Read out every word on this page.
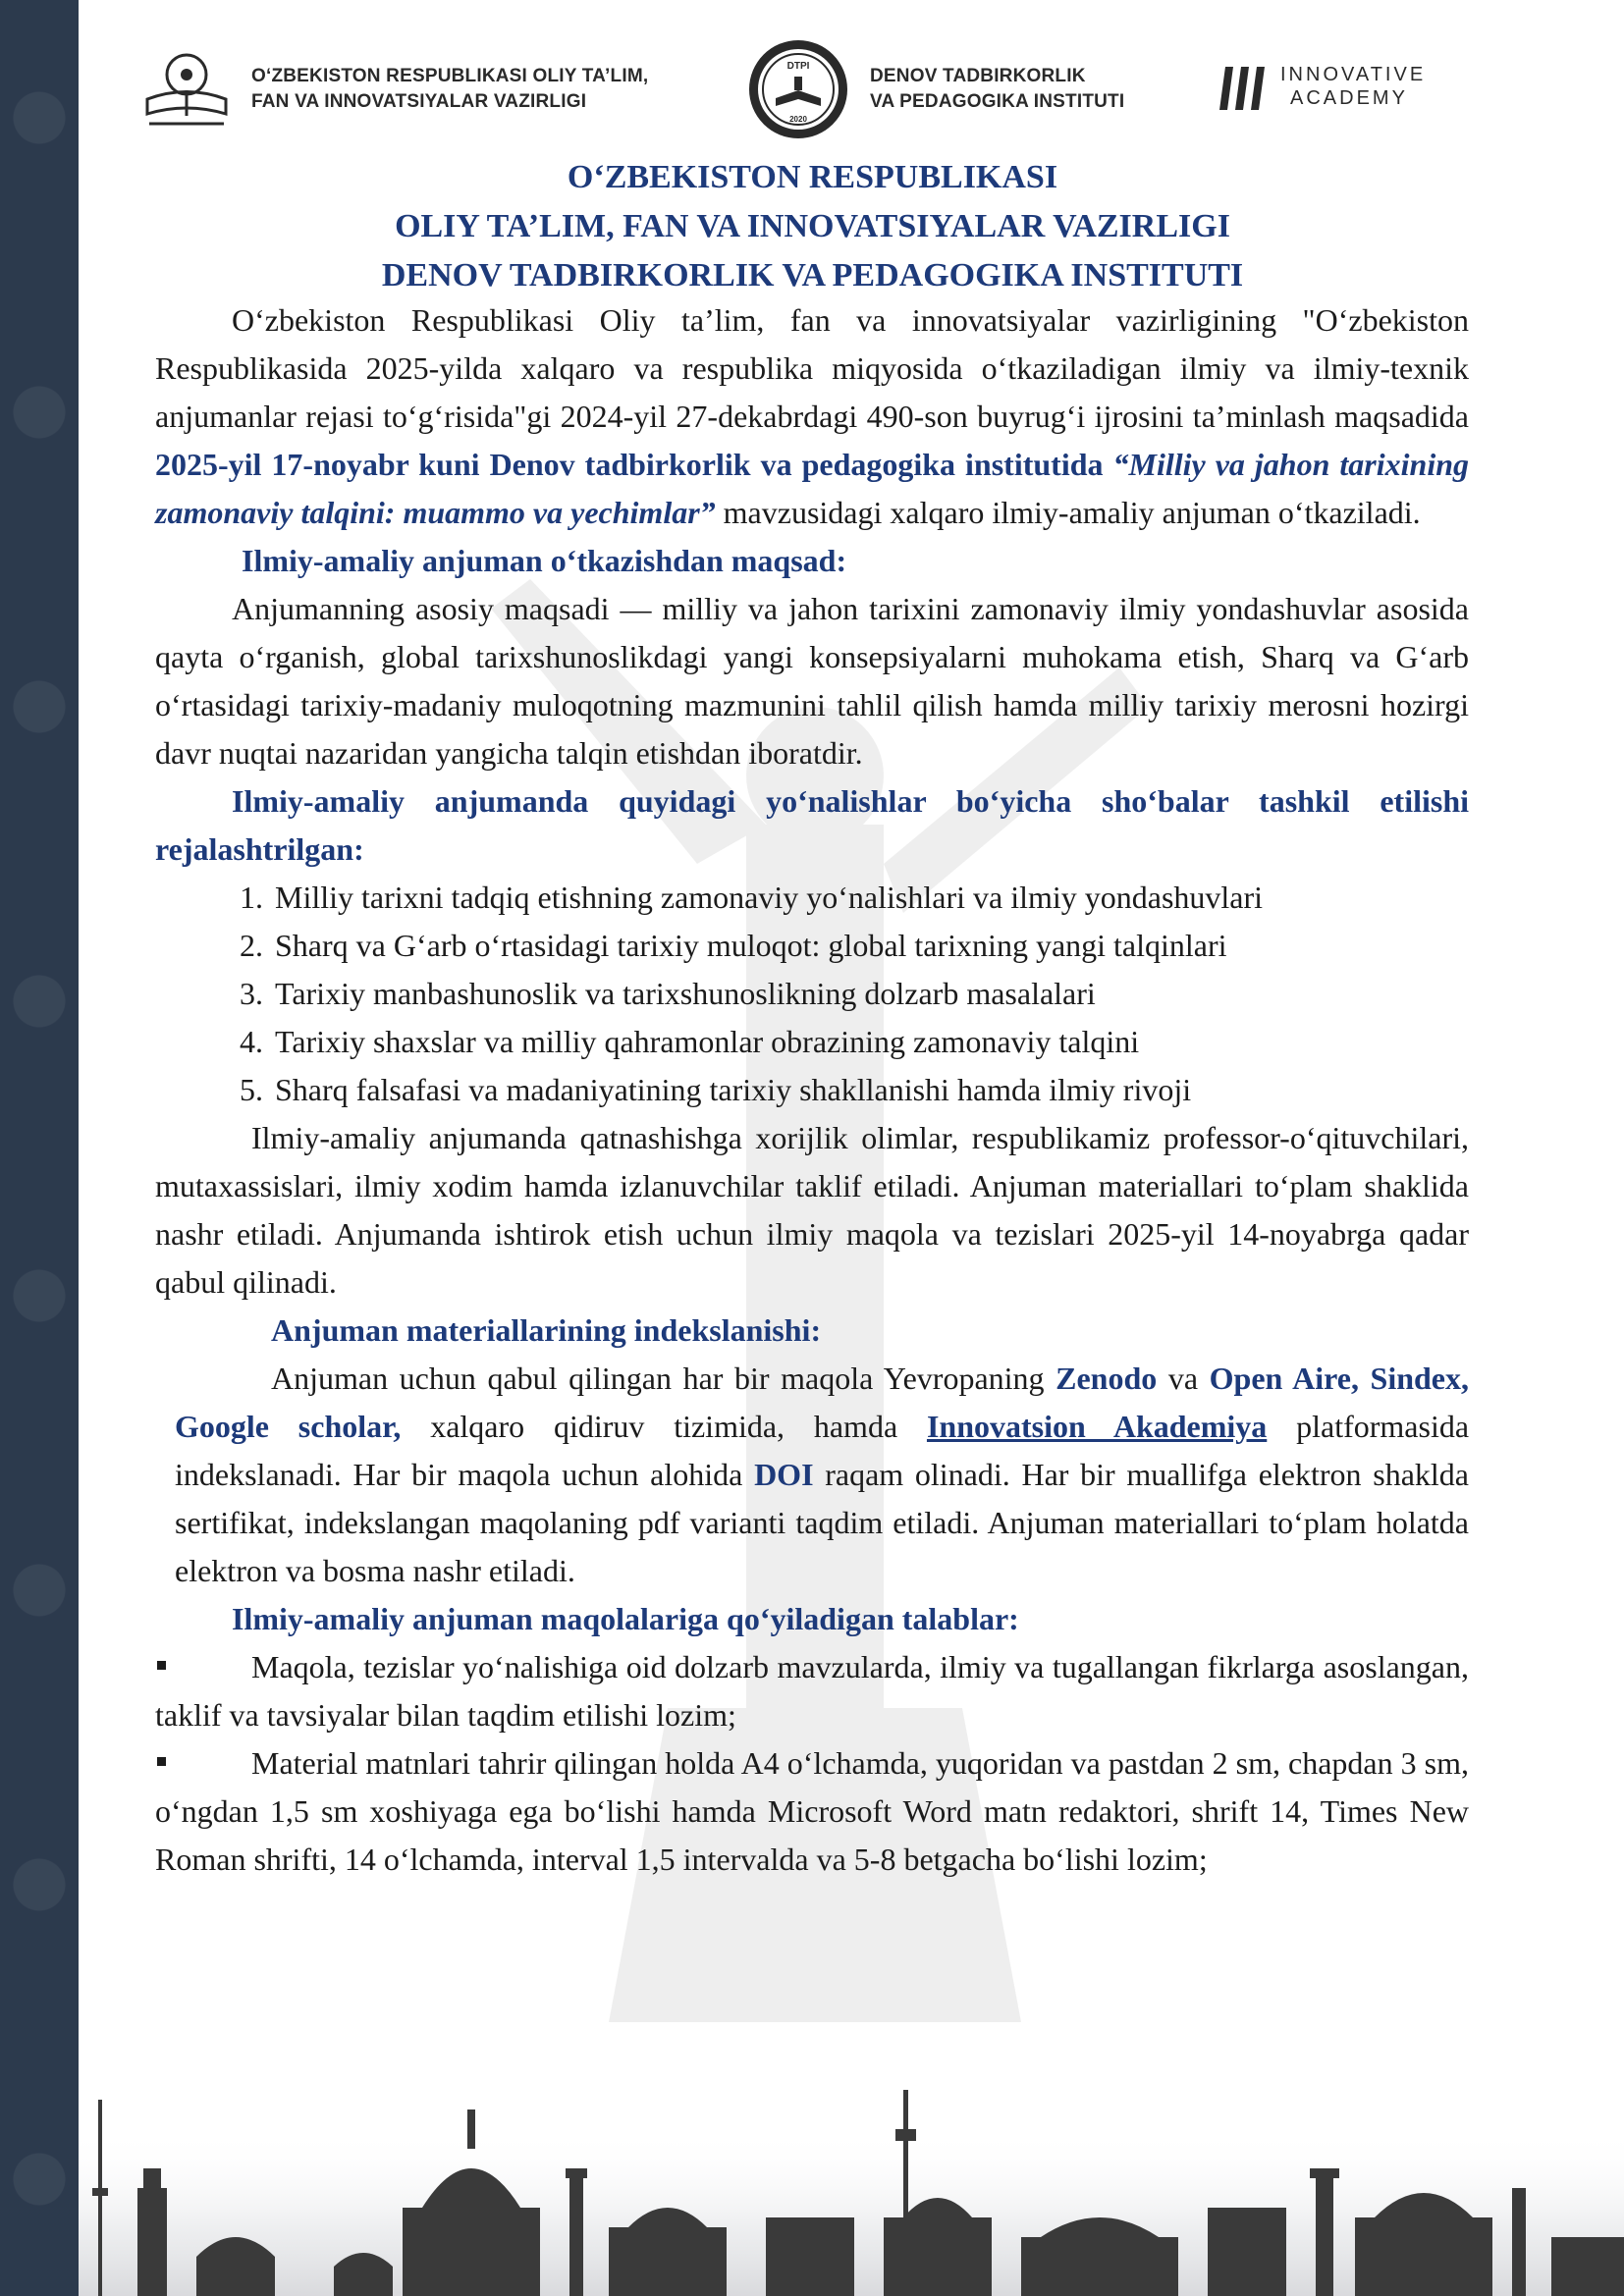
O‘ZBEKISTON RESPUBLIKASI OLIY TA’LIM,
FAN VA INNOVATSIYALAR VAZIRLIGI
DTPI
2020
DENOV TADBIRKORLIK
VA PEDAGOGIKA INSTITUTI
INNOVATIVE
ACADEMY
O‘ZBEKISTON RESPUBLIKASI
OLIY TA’LIM, FAN VA INNOVATSIYALAR VAZIRLIGI
DENOV TADBIRKORLIK VA PEDAGOGIKA INSTITUTI

O‘zbekiston Respublikasi Oliy ta’lim, fan va innovatsiyalar vazirligining "O‘zbekiston Respublikasida 2025-yilda xalqaro va respublika miqyosida o‘tkaziladigan ilmiy va ilmiy-texnik anjumanlar rejasi to‘g‘risida"gi 2024-yil 27-dekabrdagi 490-son buyrug‘i ijrosini ta’minlash maqsadida 2025-yil 17-noyabr kuni Denov tadbirkorlik va pedagogika institutida “Milliy va jahon tarixining zamonaviy talqini: muammo va yechimlar” mavzusidagi xalqaro ilmiy-amaliy anjuman o‘tkaziladi.

Ilmiy-amaliy anjuman o‘tkazishdan maqsad:

Anjumanning asosiy maqsadi — milliy va jahon tarixini zamonaviy ilmiy yondashuvlar asosida qayta o‘rganish, global tarixshunoslikdagi yangi konsepsiyalarni muhokama etish, Sharq va G‘arb o‘rtasidagi tarixiy-madaniy muloqotning mazmunini tahlil qilish hamda milliy tarixiy merosni hozirgi davr nuqtai nazaridan yangicha talqin etishdan iboratdir.

Ilmiy-amaliy anjumanda quyidagi yo‘nalishlar bo‘yicha sho‘balar tashkil etilishi rejalashtrilgan:

1. Milliy tarixni tadqiq etishning zamonaviy yo‘nalishlari va ilmiy yondashuvlari
2. Sharq va G‘arb o‘rtasidagi tarixiy muloqot: global tarixning yangi talqinlari
3. Tarixiy manbashunoslik va tarixshunoslikning dolzarb masalalari
4. Tarixiy shaxslar va milliy qahramonlar obrazining zamonaviy talqini
5. Sharq falsafasi va madaniyatining tarixiy shakllanishi hamda ilmiy rivoji

Ilmiy-amaliy anjumanda qatnashishga xorijlik olimlar, respublikamiz professor-o‘qituvchilari, mutaxassislari, ilmiy xodim hamda izlanuvchilar taklif etiladi. Anjuman materiallari to‘plam shaklida nashr etiladi. Anjumanda ishtirok etish uchun ilmiy maqola va tezislari 2025-yil 14-noyabrga qadar qabul qilinadi.

Anjuman materiallarining indekslanishi:

Anjuman uchun qabul qilingan har bir maqola Yevropaning Zenodo va Open Aire, Sindex, Google scholar, xalqaro qidiruv tizimida, hamda Innovatsion Akademiya platformasida indekslanadi. Har bir maqola uchun alohida DOI raqam olinadi. Har bir muallifga elektron shaklda sertifikat, indekslangan maqolaning pdf varianti taqdim etiladi. Anjuman materiallari to‘plam holatda elektron va bosma nashr etiladi.

Ilmiy-amaliy anjuman maqolalariga qo‘yiladigan talablar:

Maqola, tezislar yo‘nalishiga oid dolzarb mavzularda, ilmiy va tugallangan fikrlarga asoslangan, taklif va tavsiyalar bilan taqdim etilishi lozim;

Material matnlari tahrir qilingan holda A4 o‘lchamda, yuqoridan va pastdan 2 sm, chapdan 3 sm, o‘ngdan 1,5 sm xoshiyaga ega bo‘lishi hamda Microsoft Word matn redaktori, shrift 14, Times New Roman shrifti, 14 o‘lchamda, interval 1,5 intervalda va 5-8 betgacha bo‘lishi lozim;
